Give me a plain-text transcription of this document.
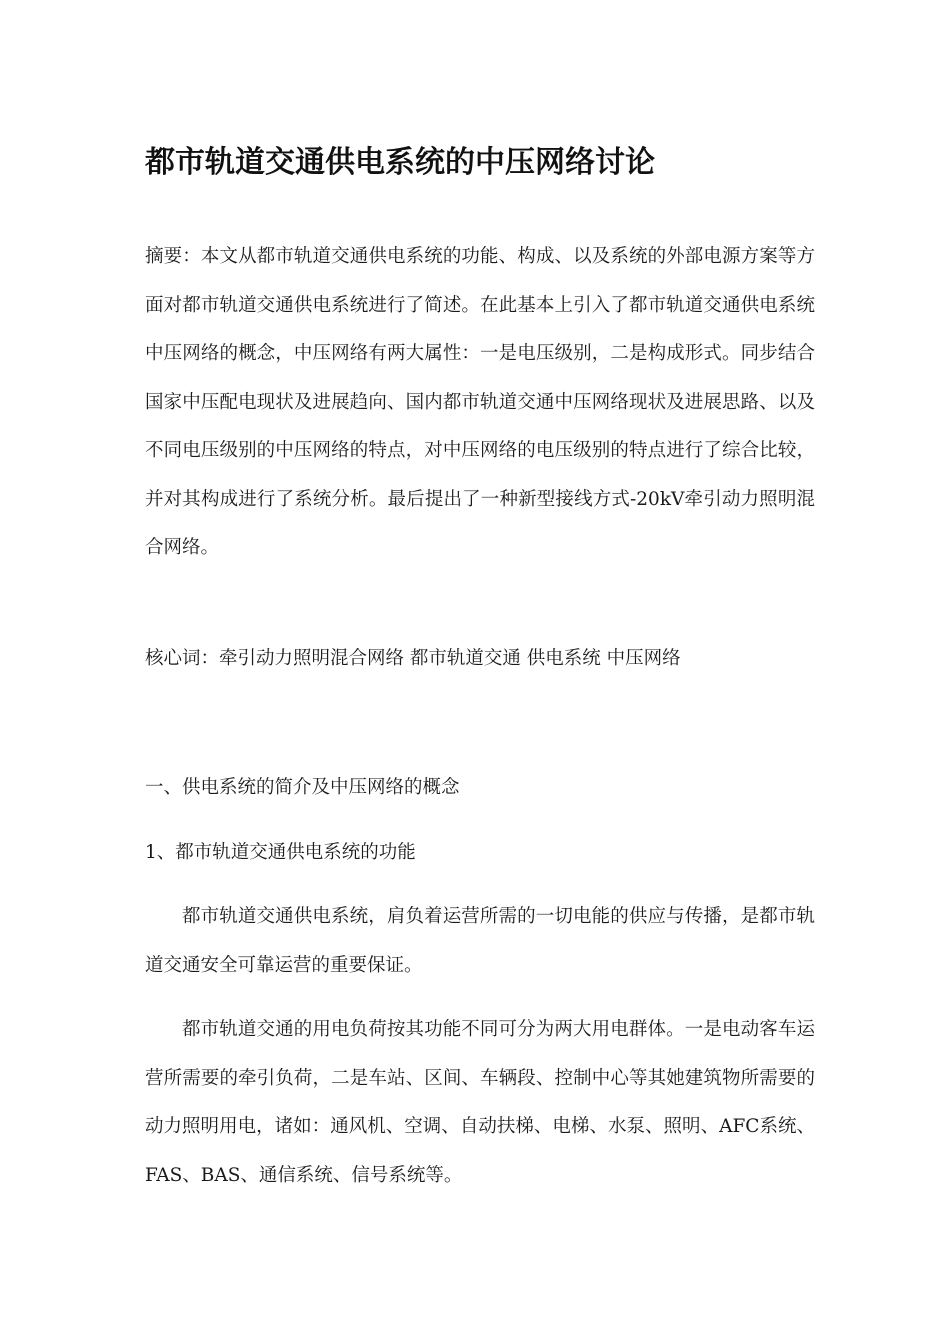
都市轨道交通供电系统的中压网络讨论

摘要：本文从都市轨道交通供电系统的功能、构成、以及系统的外部电源方案等方面对都市轨道交通供电系统进行了简述。在此基本上引入了都市轨道交通供电系统中压网络的概念，中压网络有两大属性：一是电压级别，二是构成形式。同步结合国家中压配电现状及进展趋向、国内都市轨道交通中压网络现状及进展思路、以及不同电压级别的中压网络的特点，对中压网络的电压级别的特点进行了综合比较，并对其构成进行了系统分析。最后提出了一种新型接线方式-20kV牵引动力照明混合网络。

核心词：牵引动力照明混合网络 都市轨道交通 供电系统 中压网络

一、供电系统的简介及中压网络的概念

1、都市轨道交通供电系统的功能

都市轨道交通供电系统，肩负着运营所需的一切电能的供应与传播，是都市轨道交通安全可靠运营的重要保证。

都市轨道交通的用电负荷按其功能不同可分为两大用电群体。一是电动客车运营所需要的牵引负荷，二是车站、区间、车辆段、控制中心等其她建筑物所需要的动力照明用电，诸如：通风机、空调、自动扶梯、电梯、水泵、照明、AFC系统、FAS、BAS、通信系统、信号系统等。
